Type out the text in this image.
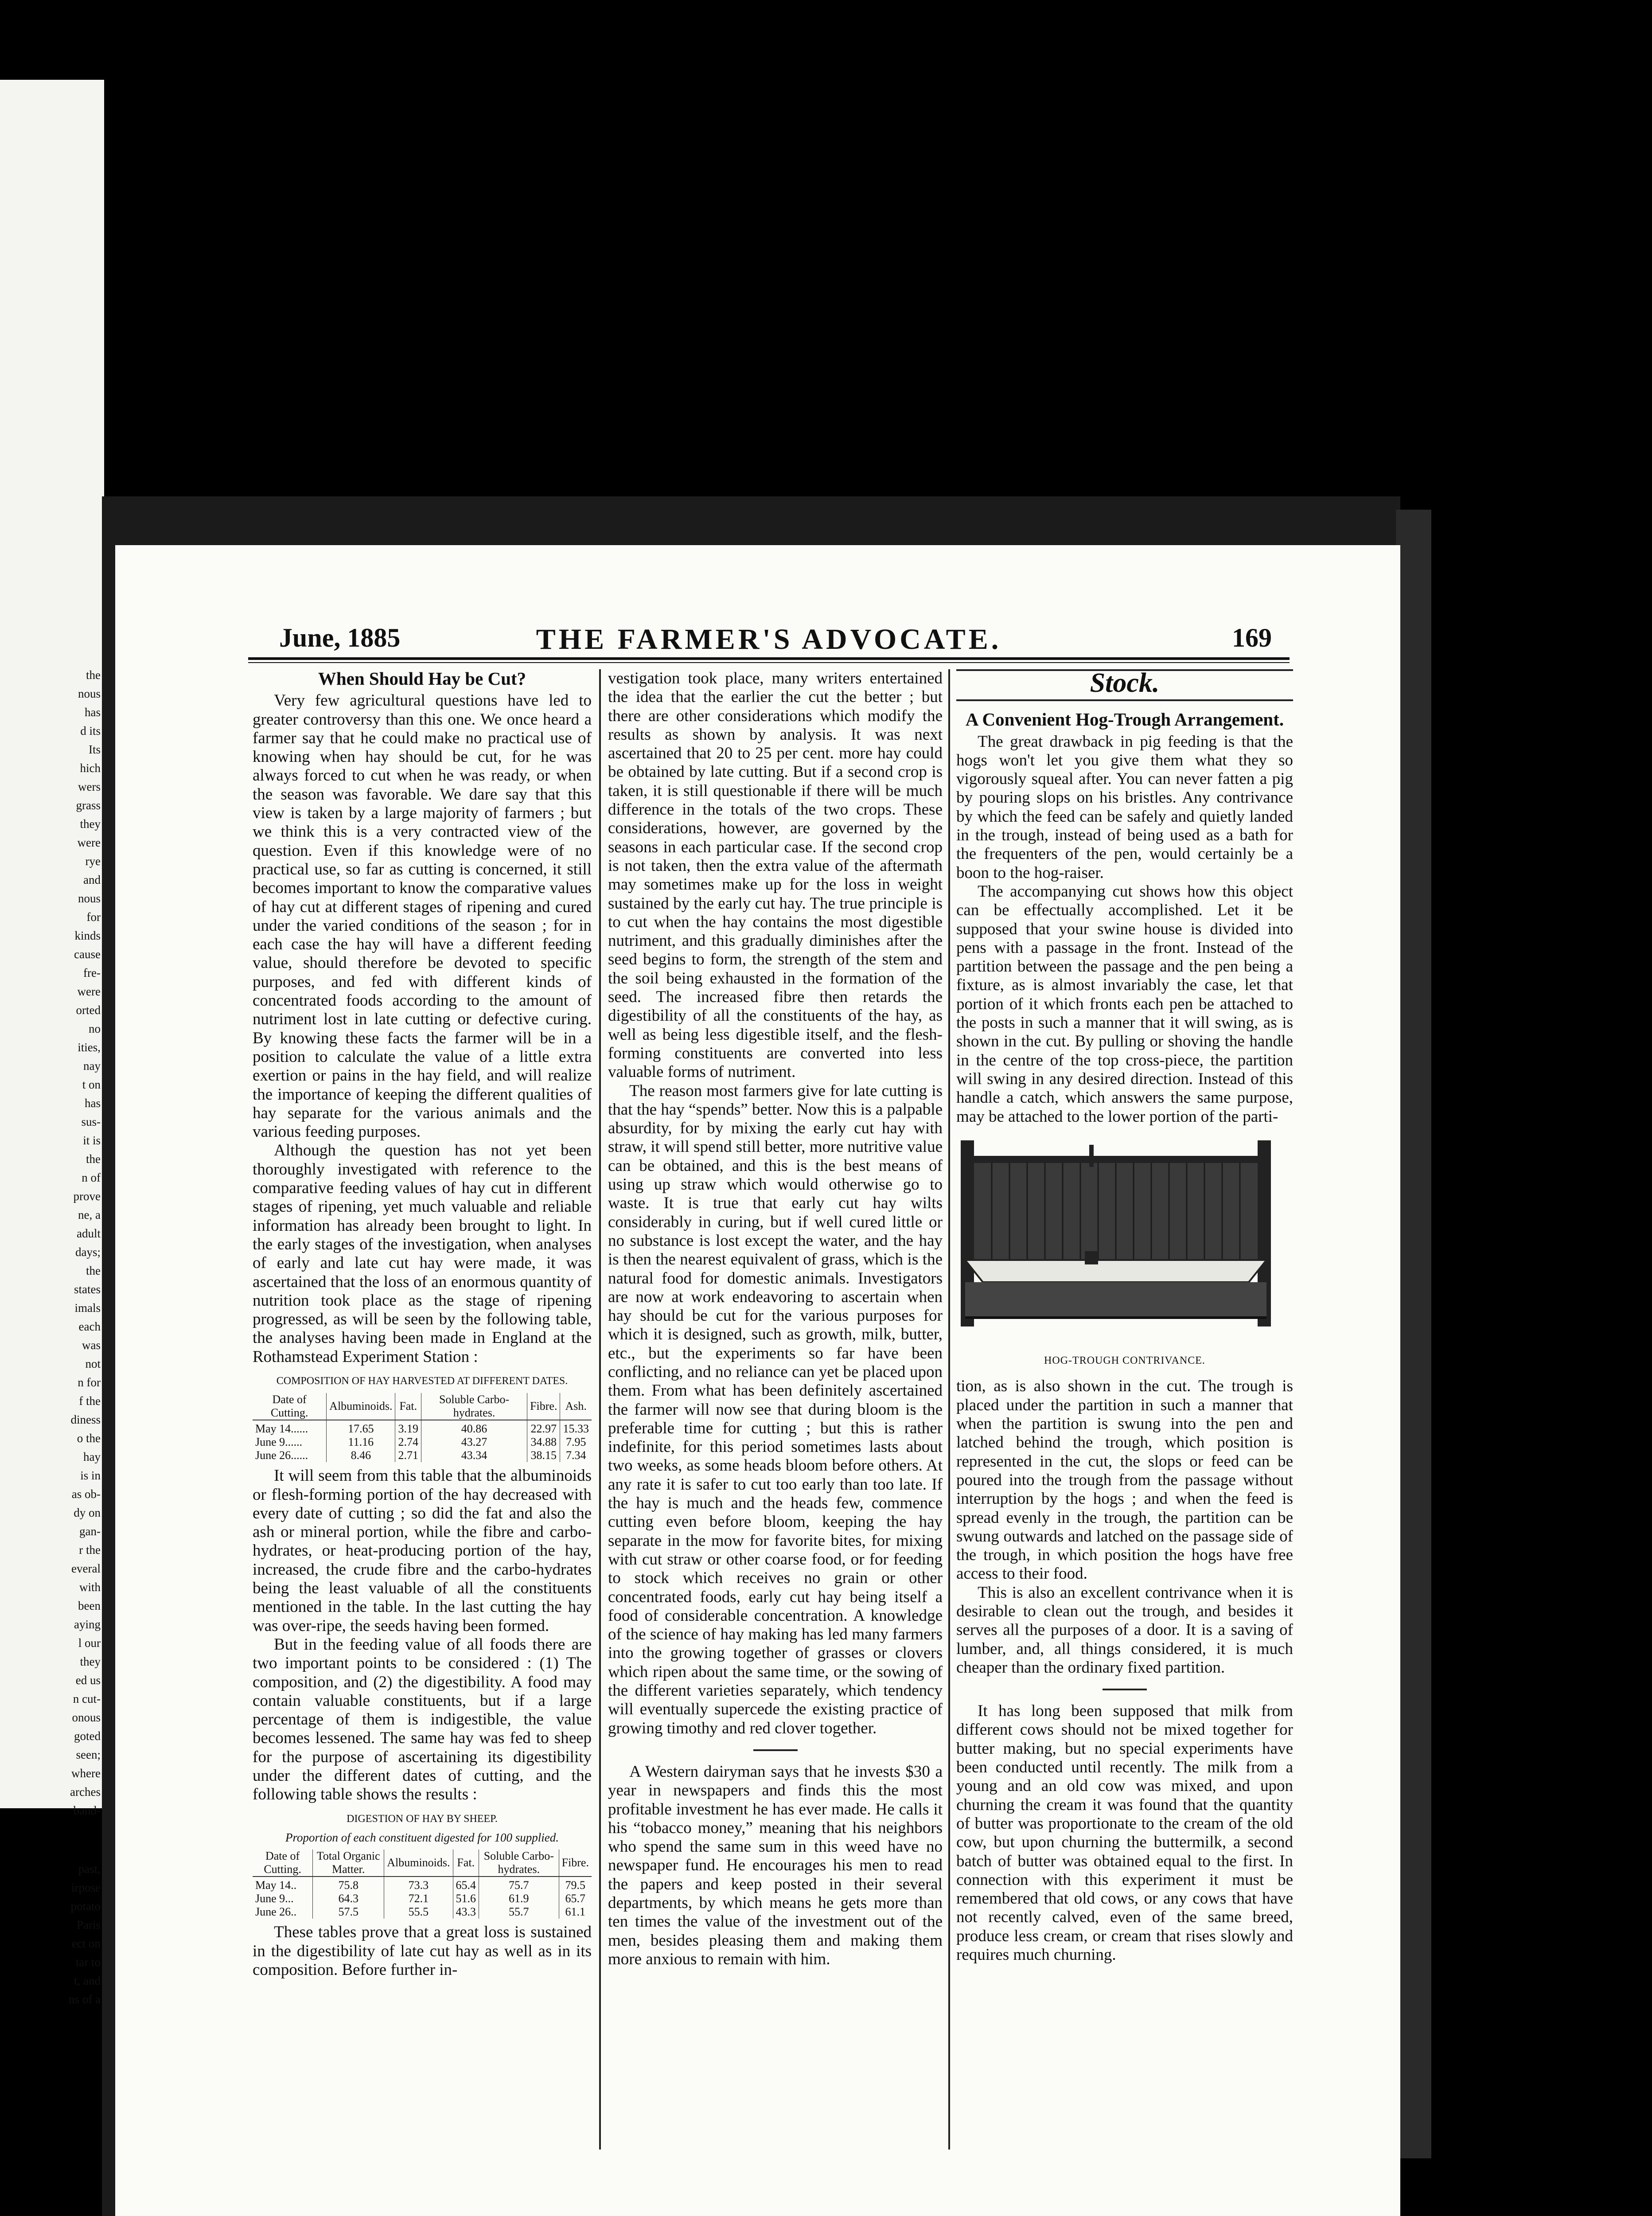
the
nous
has
d its
Its
hich
wers
grass
they
were
rye
and
nous
for
kinds
cause
fre-
were
orted
no
ities,
nay
t on
has
sus-
it is
the
n of
prove
ne, a
adult
days;
the
states
imals
each
was
not
n for
f the
diness
o the
hay
is in
as ob-
dy on
gan-
r the
everal
with
been
aying
l our
they
ed us
n cut-
onous
goted
seen;
where
arches
band-
past,
irpose
potato
Paris
ect on
tar to
t, and
ns of a
June, 1885	THE FARMER'S ADVOCATE.	169
When Should Hay be Cut?

Very few agricultural questions have led to greater controversy than this one. We once heard a farmer say that he could make no practical use of knowing when hay should be cut, for he was always forced to cut when he was ready, or when the season was favorable. We dare say that this view is taken by a large majority of farmers ; but we think this is a very contracted view of the question. Even if this knowledge were of no practical use, so far as cutting is concerned, it still becomes important to know the comparative values of hay cut at different stages of ripening and cured under the varied conditions of the season ; for in each case the hay will have a different feeding value, should therefore be devoted to specific purposes, and fed with different kinds of concentrated foods according to the amount of nutriment lost in late cutting or defective curing. By knowing these facts the farmer will be in a position to calculate the value of a little extra exertion or pains in the hay field, and will realize the importance of keeping the different qualities of hay separate for the various animals and the various feeding purposes.

Although the question has not yet been thoroughly investigated with reference to the comparative feeding values of hay cut in different stages of ripening, yet much valuable and reliable information has already been brought to light. In the early stages of the investigation, when analyses of early and late cut hay were made, it was ascertained that the loss of an enormous quantity of nutrition took place as the stage of ripening progressed, as will be seen by the following table, the analyses having been made in England at the Rothamstead Experiment Station :

COMPOSITION OF HAY HARVESTED AT DIFFERENT DATES.
Date of Cutting.	Albuminoids.	Fat.	Soluble Carbo-hydrates.	Fibre.	Ash.
May 14......	17.65	3.19	40.86	22.97	15.33
June 9......	11.16	2.74	43.27	34.88	7.95
June 26......	8.46	2.71	43.34	38.15	7.34

It will seem from this table that the albuminoids or flesh-forming portion of the hay decreased with every date of cutting ; so did the fat and also the ash or mineral portion, while the fibre and carbo-hydrates, or heat-producing portion of the hay, increased, the crude fibre and the carbo-hydrates being the least valuable of all the constituents mentioned in the table. In the last cutting the hay was over-ripe, the seeds having been formed.

But in the feeding value of all foods there are two important points to be considered : (1) The composition, and (2) the digestibility. A food may contain valuable constituents, but if a large percentage of them is indigestible, the value becomes lessened. The same hay was fed to sheep for the purpose of ascertaining its digestibility under the different dates of cutting, and the following table shows the results :

DIGESTION OF HAY BY SHEEP.
Proportion of each constituent digested for 100 supplied.
Date of Cutting.	Total Organic Matter.	Albuminoids.	Fat.	Soluble Carbo-hydrates.	Fibre.
May 14..	75.8	73.3	65.4	75.7	79.5
June 9...	64.3	72.1	51.6	61.9	65.7
June 26..	57.5	55.5	43.3	55.7	61.1

These tables prove that a great loss is sustained in the digestibility of late cut hay as well as in its composition. Before further in-

vestigation took place, many writers entertained the idea that the earlier the cut the better ; but there are other considerations which modify the results as shown by analysis. It was next ascertained that 20 to 25 per cent. more hay could be obtained by late cutting. But if a second crop is taken, it is still questionable if there will be much difference in the totals of the two crops. These considerations, however, are governed by the seasons in each particular case. If the second crop is not taken, then the extra value of the aftermath may sometimes make up for the loss in weight sustained by the early cut hay. The true principle is to cut when the hay contains the most digestible nutriment, and this gradually diminishes after the seed begins to form, the strength of the stem and the soil being exhausted in the formation of the seed. The increased fibre then retards the digestibility of all the constituents of the hay, as well as being less digestible itself, and the flesh-forming constituents are converted into less valuable forms of nutriment.

The reason most farmers give for late cutting is that the hay “spends” better. Now this is a palpable absurdity, for by mixing the early cut hay with straw, it will spend still better, more nutritive value can be obtained, and this is the best means of using up straw which would otherwise go to waste. It is true that early cut hay wilts considerably in curing, but if well cured little or no substance is lost except the water, and the hay is then the nearest equivalent of grass, which is the natural food for domestic animals. Investigators are now at work endeavoring to ascertain when hay should be cut for the various purposes for which it is designed, such as growth, milk, butter, etc., but the experiments so far have been conflicting, and no reliance can yet be placed upon them. From what has been definitely ascertained the farmer will now see that during bloom is the preferable time for cutting ; but this is rather indefinite, for this period sometimes lasts about two weeks, as some heads bloom before others. At any rate it is safer to cut too early than too late. If the hay is much and the heads few, commence cutting even before bloom, keeping the hay separate in the mow for favorite bites, for mixing with cut straw or other coarse food, or for feeding to stock which receives no grain or other concentrated foods, early cut hay being itself a food of considerable concentration. A knowledge of the science of hay making has led many farmers into the growing together of grasses or clovers which ripen about the same time, or the sowing of the different varieties separately, which tendency will eventually supercede the existing practice of growing timothy and red clover together.

A Western dairyman says that he invests $30 a year in newspapers and finds this the most profitable investment he has ever made. He calls it his “tobacco money,” meaning that his neighbors who spend the same sum in this weed have no newspaper fund. He encourages his men to read the papers and keep posted in their several departments, by which means he gets more than ten times the value of the investment out of the men, besides pleasing them and making them more anxious to remain with him.

Stock.
A Convenient Hog-Trough Arrangement.

The great drawback in pig feeding is that the hogs won't let you give them what they so vigorously squeal after. You can never fatten a pig by pouring slops on his bristles. Any contrivance by which the feed can be safely and quietly landed in the trough, instead of being used as a bath for the frequenters of the pen, would certainly be a boon to the hog-raiser.

The accompanying cut shows how this object can be effectually accomplished. Let it be supposed that your swine house is divided into pens with a passage in the front. Instead of the partition between the passage and the pen being a fixture, as is almost invariably the case, let that portion of it which fronts each pen be attached to the posts in such a manner that it will swing, as is shown in the cut. By pulling or shoving the handle in the centre of the top cross-piece, the partition will swing in any desired direction. Instead of this handle a catch, which answers the same purpose, may be attached to the lower portion of the parti-

HOG-TROUGH CONTRIVANCE.

tion, as is also shown in the cut. The trough is placed under the partition in such a manner that when the partition is swung into the pen and latched behind the trough, which position is represented in the cut, the slops or feed can be poured into the trough from the passage without interruption by the hogs ; and when the feed is spread evenly in the trough, the partition can be swung outwards and latched on the passage side of the trough, in which position the hogs have free access to their food.

This is also an excellent contrivance when it is desirable to clean out the trough, and besides it serves all the purposes of a door. It is a saving of lumber, and, all things considered, it is much cheaper than the ordinary fixed partition.

It has long been supposed that milk from different cows should not be mixed together for butter making, but no special experiments have been conducted until recently. The milk from a young and an old cow was mixed, and upon churning the cream it was found that the quantity of butter was proportionate to the cream of the old cow, but upon churning the buttermilk, a second batch of butter was obtained equal to the first. In connection with this experiment it must be remembered that old cows, or any cows that have not recently calved, even of the same breed, produce less cream, or cream that rises slowly and requires much churning.
